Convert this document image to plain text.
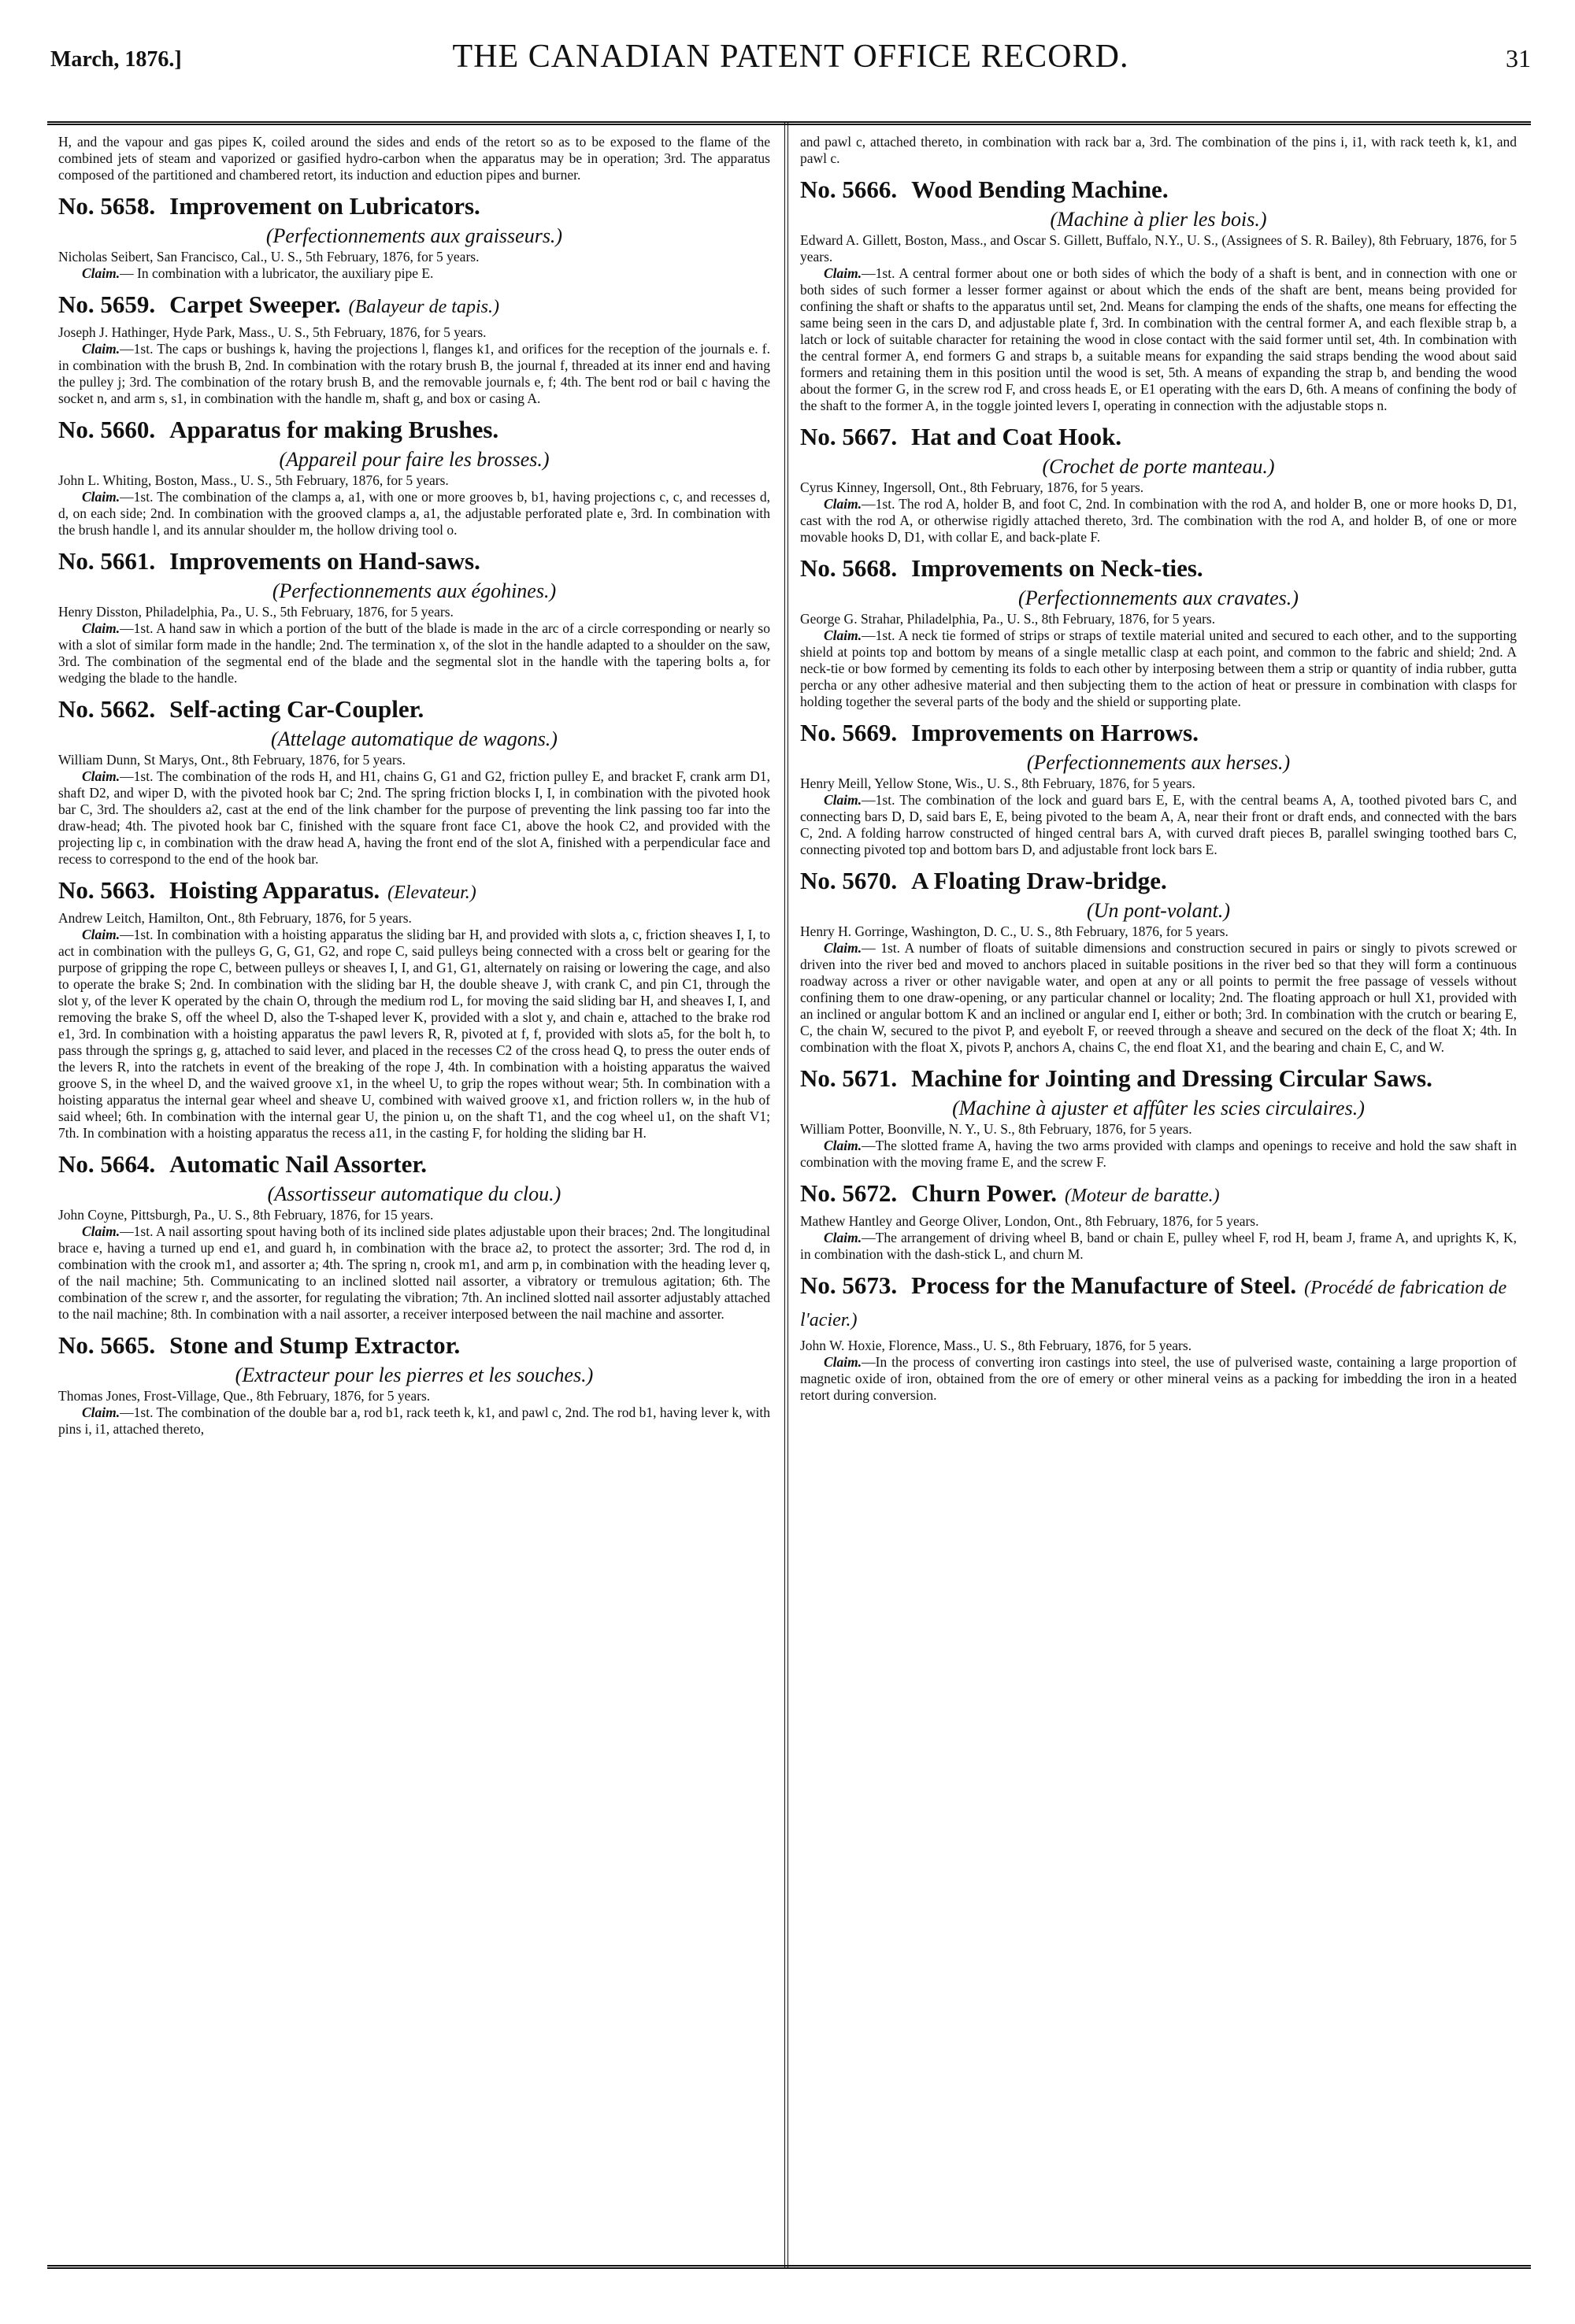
March, 1876.]	THE CANADIAN PATENT OFFICE RECORD.	31

H, and the vapour and gas pipes K, coiled around the sides and ends of the retort so as to be exposed to the flame of the combined jets of steam and vaporized or gasified hydro-carbon when the apparatus may be in operation; 3rd. The apparatus composed of the partitioned and chambered retort, its induction and eduction pipes and burner.

No. 5658. Improvement on Lubricators.

(Perfectionnements aux graisseurs.)

Nicholas Seibert, San Francisco, Cal., U. S., 5th February, 1876, for 5 years.

Claim.— In combination with a lubricator, the auxiliary pipe E.

No. 5659. Carpet Sweeper. (Balayeur de tapis.)

Joseph J. Hathinger, Hyde Park, Mass., U. S., 5th February, 1876, for 5 years.

Claim.—1st. The caps or bushings k, having the projections l, flanges k1, and orifices for the reception of the journals e. f. in combination with the brush B, 2nd. In combination with the rotary brush B, the journal f, threaded at its inner end and having the pulley j; 3rd. The combination of the rotary brush B, and the removable journals e, f; 4th. The bent rod or bail c having the socket n, and arm s, s1, in combination with the handle m, shaft g, and box or casing A.

No. 5660. Apparatus for making Brushes.

(Appareil pour faire les brosses.)

John L. Whiting, Boston, Mass., U. S., 5th February, 1876, for 5 years.

Claim.—1st. The combination of the clamps a, a1, with one or more grooves b, b1, having projections c, c, and recesses d, d, on each side; 2nd. In combination with the grooved clamps a, a1, the adjustable perforated plate e, 3rd. In combination with the brush handle l, and its annular shoulder m, the hollow driving tool o.

No. 5661. Improvements on Hand-saws.

(Perfectionnements aux égohines.)

Henry Disston, Philadelphia, Pa., U. S., 5th February, 1876, for 5 years.

Claim.—1st. A hand saw in which a portion of the butt of the blade is made in the arc of a circle corresponding or nearly so with a slot of similar form made in the handle; 2nd. The termination x, of the slot in the handle adapted to a shoulder on the saw, 3rd. The combination of the segmental end of the blade and the segmental slot in the handle with the tapering bolts a, for wedging the blade to the handle.

No. 5662. Self-acting Car-Coupler.

(Attelage automatique de wagons.)

William Dunn, St Marys, Ont., 8th February, 1876, for 5 years.

Claim.—1st. The combination of the rods H, and H1, chains G, G1 and G2, friction pulley E, and bracket F, crank arm D1, shaft D2, and wiper D, with the pivoted hook bar C; 2nd. The spring friction blocks I, I, in combination with the pivoted hook bar C, 3rd. The shoulders a2, cast at the end of the link chamber for the purpose of preventing the link passing too far into the draw-head; 4th. The pivoted hook bar C, finished with the square front face C1, above the hook C2, and provided with the projecting lip c, in combination with the draw head A, having the front end of the slot A, finished with a perpendicular face and recess to correspond to the end of the hook bar.

No. 5663. Hoisting Apparatus. (Elevateur.)

Andrew Leitch, Hamilton, Ont., 8th February, 1876, for 5 years.

Claim.—1st. In combination with a hoisting apparatus the sliding bar H, and provided with slots a, c, friction sheaves I, I, to act in combination with the pulleys G, G, G1, G2, and rope C, said pulleys being connected with a cross belt or gearing for the purpose of gripping the rope C, between pulleys or sheaves I, I, and G1, G1, alternately on raising or lowering the cage, and also to operate the brake S; 2nd. In combination with the sliding bar H, the double sheave J, with crank C, and pin C1, through the slot y, of the lever K operated by the chain O, through the medium rod L, for moving the said sliding bar H, and sheaves I, I, and removing the brake S, off the wheel D, also the T-shaped lever K, provided with a slot y, and chain e, attached to the brake rod e1, 3rd. In combination with a hoisting apparatus the pawl levers R, R, pivoted at f, f, provided with slots a5, for the bolt h, to pass through the springs g, g, attached to said lever, and placed in the recesses C2 of the cross head Q, to press the outer ends of the levers R, into the ratchets in event of the breaking of the rope J, 4th. In combination with a hoisting apparatus the waived groove S, in the wheel D, and the waived groove x1, in the wheel U, to grip the ropes without wear; 5th. In combination with a hoisting apparatus the internal gear wheel and sheave U, combined with waived groove x1, and friction rollers w, in the hub of said wheel; 6th. In combination with the internal gear U, the pinion u, on the shaft T1, and the cog wheel u1, on the shaft V1; 7th. In combination with a hoisting apparatus the recess a11, in the casting F, for holding the sliding bar H.

No. 5664. Automatic Nail Assorter.

(Assortisseur automatique du clou.)

John Coyne, Pittsburgh, Pa., U. S., 8th February, 1876, for 15 years.

Claim.—1st. A nail assorting spout having both of its inclined side plates adjustable upon their braces; 2nd. The longitudinal brace e, having a turned up end e1, and guard h, in combination with the brace a2, to protect the assorter; 3rd. The rod d, in combination with the crook m1, and assorter a; 4th. The spring n, crook m1, and arm p, in combination with the heading lever q, of the nail machine; 5th. Communicating to an inclined slotted nail assorter, a vibratory or tremulous agitation; 6th. The combination of the screw r, and the assorter, for regulating the vibration; 7th. An inclined slotted nail assorter adjustably attached to the nail machine; 8th. In combination with a nail assorter, a receiver interposed between the nail machine and assorter.

No. 5665. Stone and Stump Extractor.

(Extracteur pour les pierres et les souches.)

Thomas Jones, Frost-Village, Que., 8th February, 1876, for 5 years.

Claim.—1st. The combination of the double bar a, rod b1, rack teeth k, k1, and pawl c, 2nd. The rod b1, having lever k, with pins i, i1, attached thereto,

and pawl c, attached thereto, in combination with rack bar a, 3rd. The combination of the pins i, i1, with rack teeth k, k1, and pawl c.

No. 5666. Wood Bending Machine.

(Machine à plier les bois.)

Edward A. Gillett, Boston, Mass., and Oscar S. Gillett, Buffalo, N.Y., U. S., (Assignees of S. R. Bailey), 8th February, 1876, for 5 years.

Claim.—1st. A central former about one or both sides of which the body of a shaft is bent, and in connection with one or both sides of such former a lesser former against or about which the ends of the shaft are bent, means being provided for confining the shaft or shafts to the apparatus until set, 2nd. Means for clamping the ends of the shafts, one means for effecting the same being seen in the cars D, and adjustable plate f, 3rd. In combination with the central former A, and each flexible strap b, a latch or lock of suitable character for retaining the wood in close contact with the said former until set, 4th. In combination with the central former A, end formers G and straps b, a suitable means for expanding the said straps bending the wood about said formers and retaining them in this position until the wood is set, 5th. A means of expanding the strap b, and bending the wood about the former G, in the screw rod F, and cross heads E, or E1 operating with the ears D, 6th. A means of confining the body of the shaft to the former A, in the toggle jointed levers I, operating in connection with the adjustable stops n.

No. 5667. Hat and Coat Hook.

(Crochet de porte manteau.)

Cyrus Kinney, Ingersoll, Ont., 8th February, 1876, for 5 years.

Claim.—1st. The rod A, holder B, and foot C, 2nd. In combination with the rod A, and holder B, one or more hooks D, D1, cast with the rod A, or otherwise rigidly attached thereto, 3rd. The combination with the rod A, and holder B, of one or more movable hooks D, D1, with collar E, and back-plate F.

No. 5668. Improvements on Neck-ties.

(Perfectionnements aux cravates.)

George G. Strahar, Philadelphia, Pa., U. S., 8th February, 1876, for 5 years.

Claim.—1st. A neck tie formed of strips or straps of textile material united and secured to each other, and to the supporting shield at points top and bottom by means of a single metallic clasp at each point, and common to the fabric and shield; 2nd. A neck-tie or bow formed by cementing its folds to each other by interposing between them a strip or quantity of india rubber, gutta percha or any other adhesive material and then subjecting them to the action of heat or pressure in combination with clasps for holding together the several parts of the body and the shield or supporting plate.

No. 5669. Improvements on Harrows.

(Perfectionnements aux herses.)

Henry Meill, Yellow Stone, Wis., U. S., 8th February, 1876, for 5 years.

Claim.—1st. The combination of the lock and guard bars E, E, with the central beams A, A, toothed pivoted bars C, and connecting bars D, D, said bars E, E, being pivoted to the beam A, A, near their front or draft ends, and connected with the bars C, 2nd. A folding harrow constructed of hinged central bars A, with curved draft pieces B, parallel swinging toothed bars C, connecting pivoted top and bottom bars D, and adjustable front lock bars E.

No. 5670. A Floating Draw-bridge.

(Un pont-volant.)

Henry H. Gorringe, Washington, D. C., U. S., 8th February, 1876, for 5 years.

Claim.— 1st. A number of floats of suitable dimensions and construction secured in pairs or singly to pivots screwed or driven into the river bed and moved to anchors placed in suitable positions in the river bed so that they will form a continuous roadway across a river or other navigable water, and open at any or all points to permit the free passage of vessels without confining them to one draw-opening, or any particular channel or locality; 2nd. The floating approach or hull X1, provided with an inclined or angular bottom K and an inclined or angular end I, either or both; 3rd. In combination with the crutch or bearing E, C, the chain W, secured to the pivot P, and eyebolt F, or reeved through a sheave and secured on the deck of the float X; 4th. In combination with the float X, pivots P, anchors A, chains C, the end float X1, and the bearing and chain E, C, and W.

No. 5671. Machine for Jointing and Dressing Circular Saws.

(Machine à ajuster et affûter les scies circulaires.)

William Potter, Boonville, N. Y., U. S., 8th February, 1876, for 5 years.

Claim.—The slotted frame A, having the two arms provided with clamps and openings to receive and hold the saw shaft in combination with the moving frame E, and the screw F.

No. 5672. Churn Power. (Moteur de baratte.)

Mathew Hantley and George Oliver, London, Ont., 8th February, 1876, for 5 years.

Claim.—The arrangement of driving wheel B, band or chain E, pulley wheel F, rod H, beam J, frame A, and uprights K, K, in combination with the dash-stick L, and churn M.

No. 5673. Process for the Manufacture of Steel. (Procédé de fabrication de l'acier.)

John W. Hoxie, Florence, Mass., U. S., 8th February, 1876, for 5 years.

Claim.—In the process of converting iron castings into steel, the use of pulverised waste, containing a large proportion of magnetic oxide of iron, obtained from the ore of emery or other mineral veins as a packing for imbedding the iron in a heated retort during conversion.
